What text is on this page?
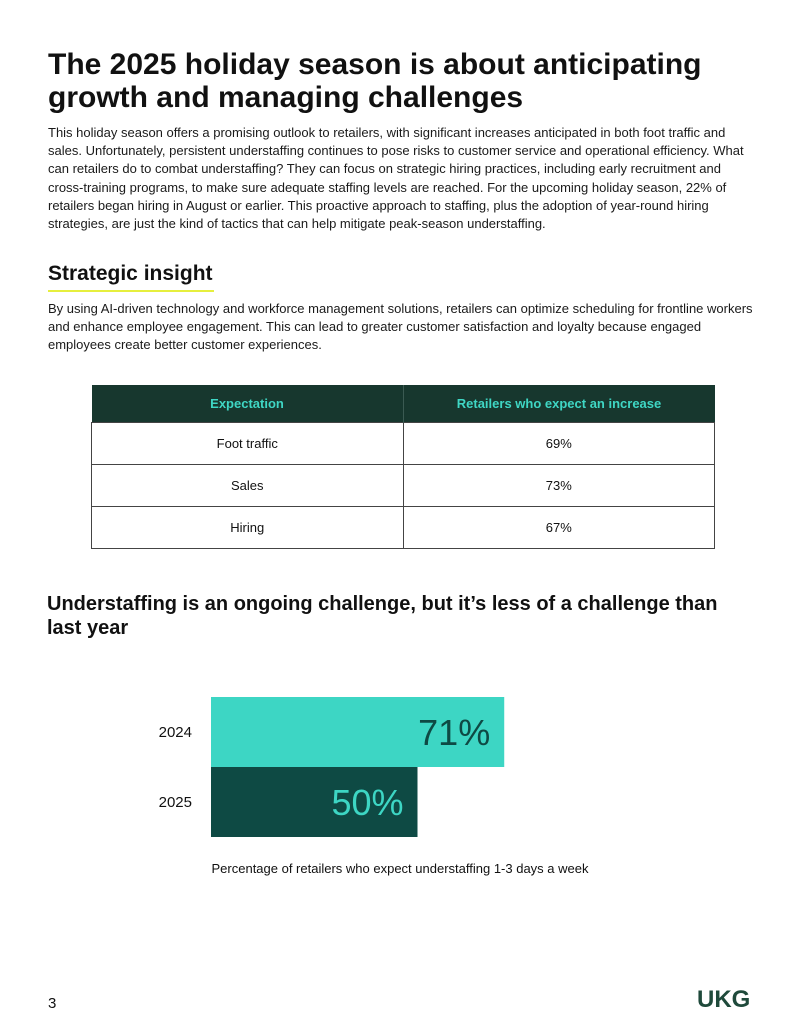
The 2025 holiday season is about anticipating growth and managing challenges

This holiday season offers a promising outlook to retailers, with significant increases anticipated in both foot traffic and sales. Unfortunately, persistent understaffing continues to pose risks to customer service and operational efficiency. What can retailers do to combat understaffing? They can focus on strategic hiring practices, including early recruitment and cross-training programs, to make sure adequate staffing levels are reached. For the upcoming holiday season, 22% of retailers began hiring in August or earlier. This proactive approach to staffing, plus the adoption of year-round hiring strategies, are just the kind of tactics that can help mitigate peak-season understaffing.

Strategic insight

By using AI-driven technology and workforce management solutions, retailers can optimize scheduling for frontline workers and enhance employee engagement. This can lead to greater customer satisfaction and loyalty because engaged employees create better customer experiences.

Expectation	Retailers who expect an increase
Foot traffic	69%
Sales	73%
Hiring	67%
Understaffing is an ongoing challenge, but it’s less of a challenge than last year
2024	71%
2025	50%
Percentage of retailers who expect understaffing 1-3 days a week
3	UKG
